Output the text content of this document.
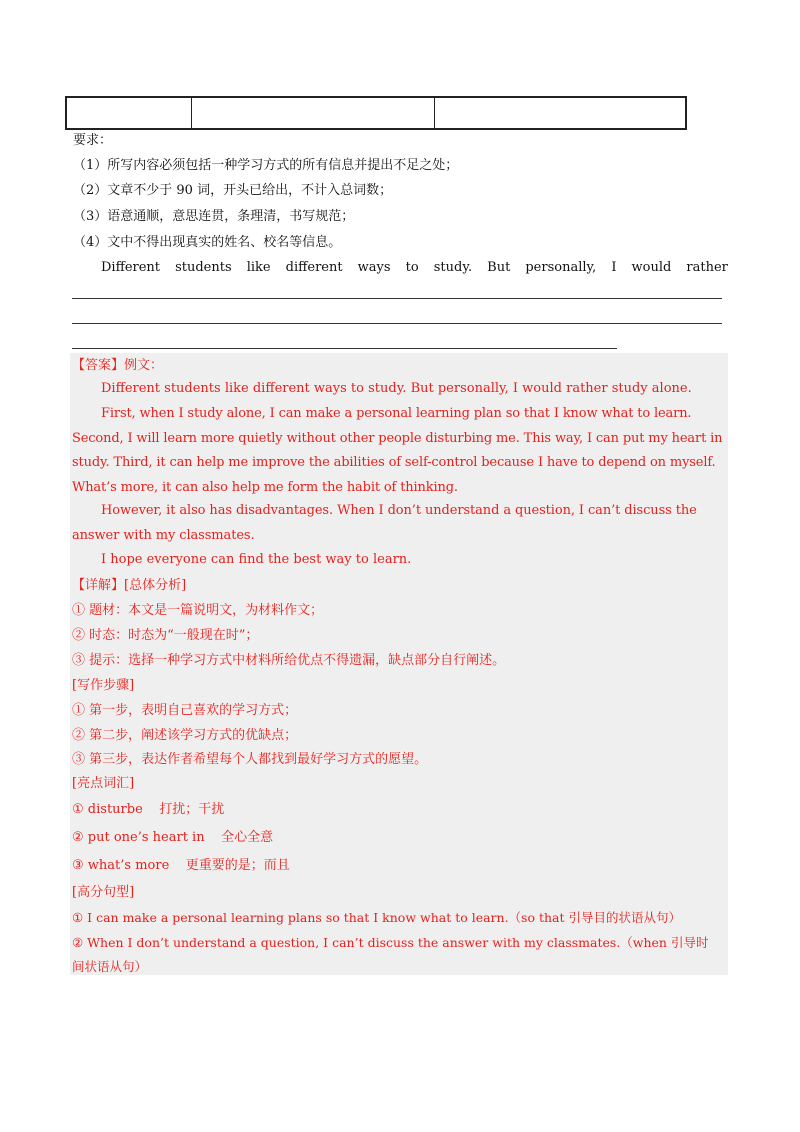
要求：
（1）所写内容必须包括一种学习方式的所有信息并提出不足之处；
（2）文章不少于 90 词，开头已给出，不计入总词数；
（3）语意通顺，意思连贯，条理清，书写规范；
（4）文中不得出现真实的姓名、校名等信息。
Different students like different ways to study. But personally, I would rather
【答案】例文：
Different students like different ways to study. But personally, I would rather study alone.
First, when I study alone, I can make a personal learning plan so that I know what to learn. Second, I will learn more quietly without other people disturbing me. This way, I can put my heart in study. Third, it can help me improve the abilities of self-control because I have to depend on myself. What’s more, it can also help me form the habit of thinking.
However, it also has disadvantages. When I don’t understand a question, I can’t discuss the answer with my classmates.
I hope everyone can find the best way to learn.
【详解】[总体分析]
① 题材：本文是一篇说明文，为材料作文；
② 时态：时态为“一般现在时”；
③ 提示：选择一种学习方式中材料所给优点不得遗漏，缺点部分自行阐述。
[写作步骤]
① 第一步，表明自己喜欢的学习方式；
② 第二步，阐述该学习方式的优缺点；
③ 第三步，表达作者希望每个人都找到最好学习方式的愿望。
[亮点词汇]
① disturbe    打扰；干扰
② put one’s heart in    全心全意
③ what’s more    更重要的是；而且
[高分句型]
① I can make a personal learning plans so that I know what to learn.（so that 引导目的状语从句）
② When I don’t understand a question, I can’t discuss the answer with my classmates.（when 引导时间状语从句）
